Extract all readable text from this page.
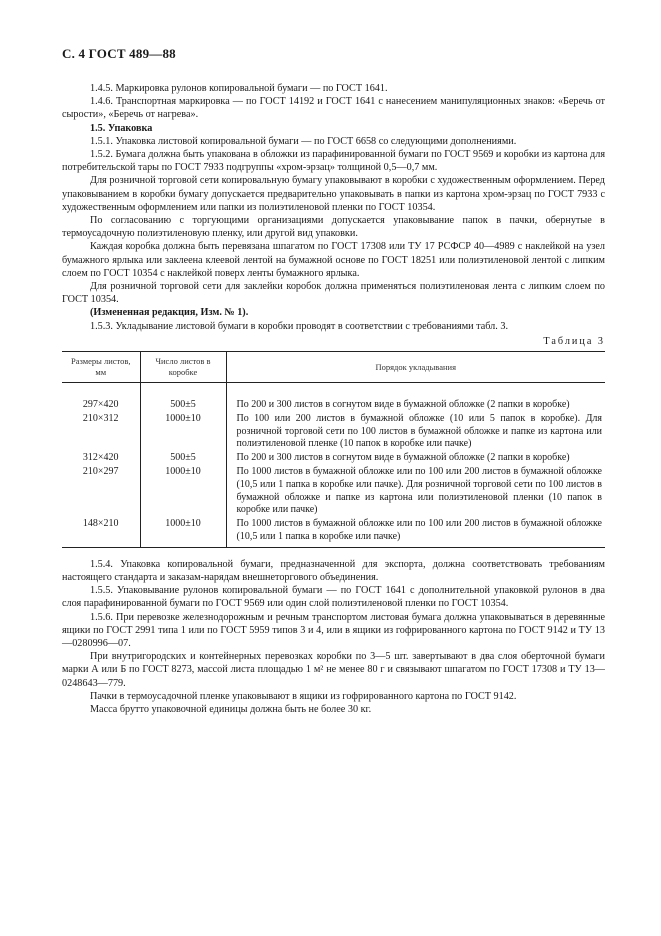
С. 4 ГОСТ 489—88

1.4.5. Маркировка рулонов копировальной бумаги — по ГОСТ 1641.

1.4.6. Транспортная маркировка — по ГОСТ 14192 и ГОСТ 1641 с нанесением манипуляционных знаков: «Беречь от сырости», «Беречь от нагрева».

1.5. Упаковка

1.5.1. Упаковка листовой копировальной бумаги — по ГОСТ 6658 со следующими дополнениями.

1.5.2. Бумага должна быть упакована в обложки из парафинированной бумаги по ГОСТ 9569 и коробки из картона для потребительской тары по ГОСТ 7933 подгруппы «хром-эрзац» толщиной 0,5—0,7 мм.

Для розничной торговой сети копировальную бумагу упаковывают в коробки с художественным оформлением. Перед упаковыванием в коробки бумагу допускается предварительно упаковывать в папки из картона хром-эрзац по ГОСТ 7933 с художественным оформлением или папки из полиэтиленовой пленки по ГОСТ 10354.

По согласованию с торгующими организациями допускается упаковывание папок в пачки, обернутые в термоусадочную полиэтиленовую пленку, или другой вид упаковки.

Каждая коробка должна быть перевязана шпагатом по ГОСТ 17308 или ТУ 17 РСФСР 40—4989 с наклейкой на узел бумажного ярлыка или заклеена клеевой лентой на бумажной основе по ГОСТ 18251 или полиэтиленовой лентой с липким слоем по ГОСТ 10354 с наклейкой поверх ленты бумажного ярлыка.

Для розничной торговой сети для заклейки коробок должна применяться полиэтиленовая лента с липким слоем по ГОСТ 10354.

(Измененная редакция, Изм. № 1).

1.5.3. Укладывание листовой бумаги в коробки проводят в соответствии с требованиями табл. 3.

Таблица 3

Размеры листов, мм	Число листов в коробке	Порядок укладывания

297×420	500±5	По 200 и 300 листов в согнутом виде в бумажной обложке (2 папки в коробке)
210×312	1000±10	По 100 или 200 листов в бумажной обложке (10 или 5 папок в коробке). Для розничной торговой сети по 100 листов в бумажной обложке и папке из картона или полиэтиленовой пленке (10 папок в коробке или пачке)
312×420	500±5	По 200 и 300 листов в согнутом виде в бумажной обложке (2 папки в коробке)
210×297	1000±10	По 1000 листов в бумажной обложке или по 100 или 200 листов в бумажной обложке (10,5 или 1 папка в коробке или пачке). Для розничной торговой сети по 100 листов в бумажной обложке и папке из картона или полиэтиленовой пленки (10 папок в коробке или пачке)
148×210	1000±10	По 1000 листов в бумажной обложке или по 100 или 200 листов в бумажной обложке (10,5 или 1 папка в коробке или пачке)

1.5.4. Упаковка копировальной бумаги, предназначенной для экспорта, должна соответствовать требованиям настоящего стандарта и заказам-нарядам внешнеторгового объединения.

1.5.5. Упаковывание рулонов копировальной бумаги — по ГОСТ 1641 с дополнительной упаковкой рулонов в два слоя парафинированной бумаги по ГОСТ 9569 или один слой полиэтиленовой пленки по ГОСТ 10354.

1.5.6. При перевозке железнодорожным и речным транспортом листовая бумага должна упаковываться в деревянные ящики по ГОСТ 2991 типа 1 или по ГОСТ 5959 типов 3 и 4, или в ящики из гофрированного картона по ГОСТ 9142 и ТУ 13—0280996—07.

При внутригородских и контейнерных перевозках коробки по 3—5 шт. завертывают в два слоя оберточной бумаги марки А или Б по ГОСТ 8273, массой листа площадью 1 м² не менее 80 г и связывают шпагатом по ГОСТ 17308 и ТУ 13—0248643—779.

Пачки в термоусадочной пленке упаковывают в ящики из гофрированного картона по ГОСТ 9142.

Масса брутто упаковочной единицы должна быть не более 30 кг.
